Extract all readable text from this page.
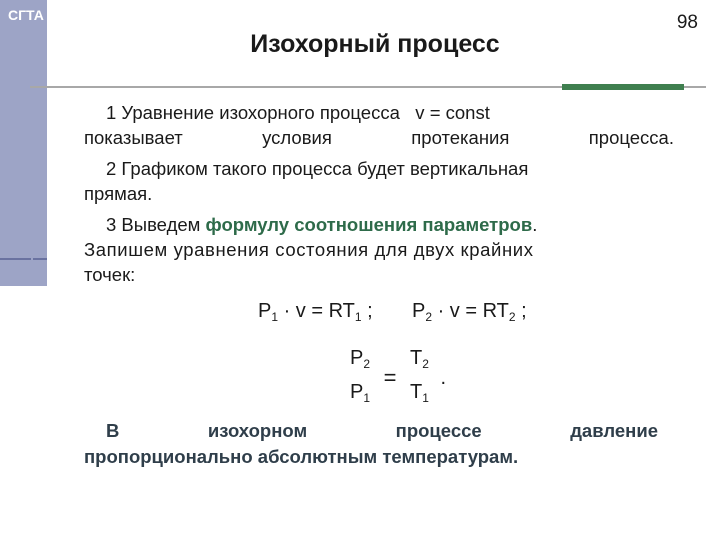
СГТА	98
Изохорный процесс
1 Уравнение изохорного процесса   v = const
показывает	условия	протекания	процесса.
2 Графиком такого процесса будет вертикальная
прямая.
3 Выведем формулу соотношения параметров.
Запишем уравнения состояния для двух крайних
точек:
$P_1 \cdot v = RT_1$ ; $P_2 \cdot v = RT_2$ ;
$P_2$
$P_1$
=
$T_2$
$T_1$
.
В	изохорном	процессе	давление
пропорционально абсолютным температурам.
